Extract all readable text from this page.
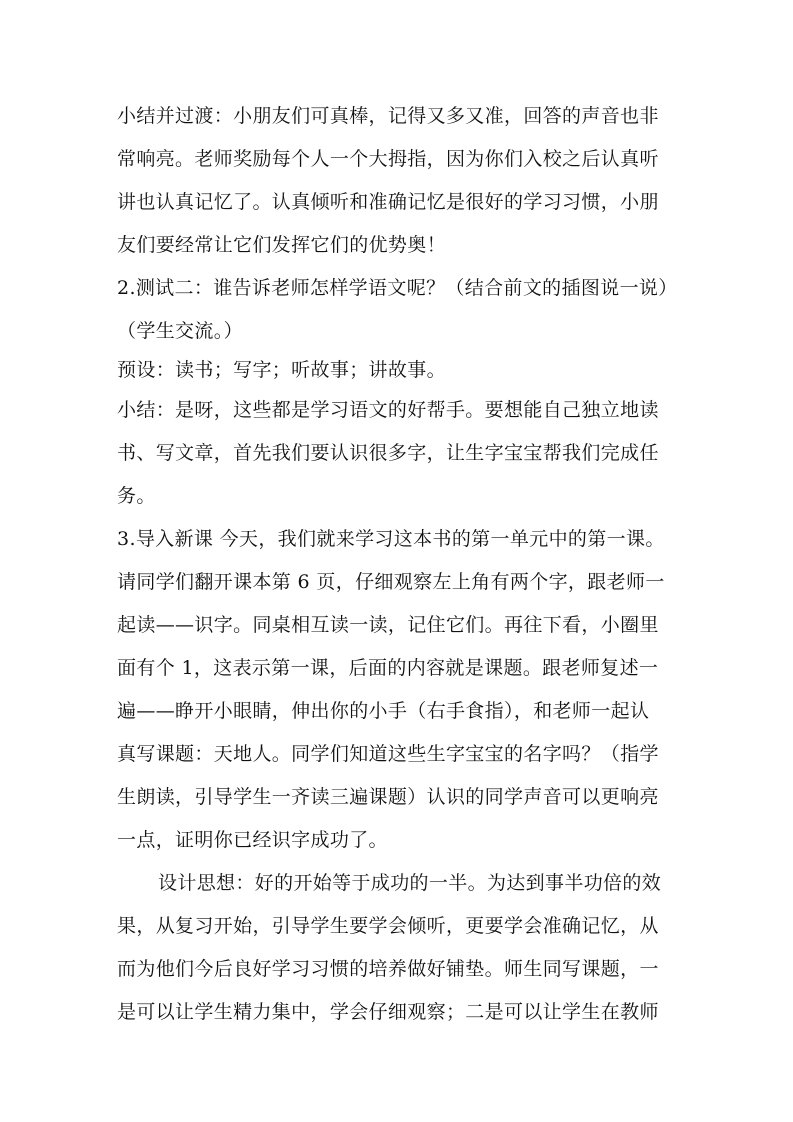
小结并过渡：小朋友们可真棒，记得又多又准，回答的声音也非
常响亮。老师奖励每个人一个大拇指，因为你们入校之后认真听
讲也认真记忆了。认真倾听和准确记忆是很好的学习习惯，小朋
友们要经常让它们发挥它们的优势奥！
2.测试二：谁告诉老师怎样学语文呢？（结合前文的插图说一说）
（学生交流。）
预设：读书；写字；听故事；讲故事。
小结：是呀，这些都是学习语文的好帮手。要想能自己独立地读
书、写文章，首先我们要认识很多字，让生字宝宝帮我们完成任
务。
3.导入新课 今天，我们就来学习这本书的第一单元中的第一课。
请同学们翻开课本第 6 页，仔细观察左上角有两个字，跟老师一
起读——识字。同桌相互读一读，记住它们。再往下看，小圈里
面有个 1，这表示第一课，后面的内容就是课题。跟老师复述一
遍——睁开小眼睛，伸出你的小手（右手食指），和老师一起认
真写课题：天地人。同学们知道这些生字宝宝的名字吗？（指学
生朗读，引导学生一齐读三遍课题）认识的同学声音可以更响亮
一点，证明你已经识字成功了。
设计思想：好的开始等于成功的一半。为达到事半功倍的效
果，从复习开始，引导学生要学会倾听，更要学会准确记忆，从
而为他们今后良好学习习惯的培养做好铺垫。师生同写课题，一
是可以让学生精力集中，学会仔细观察；二是可以让学生在教师
